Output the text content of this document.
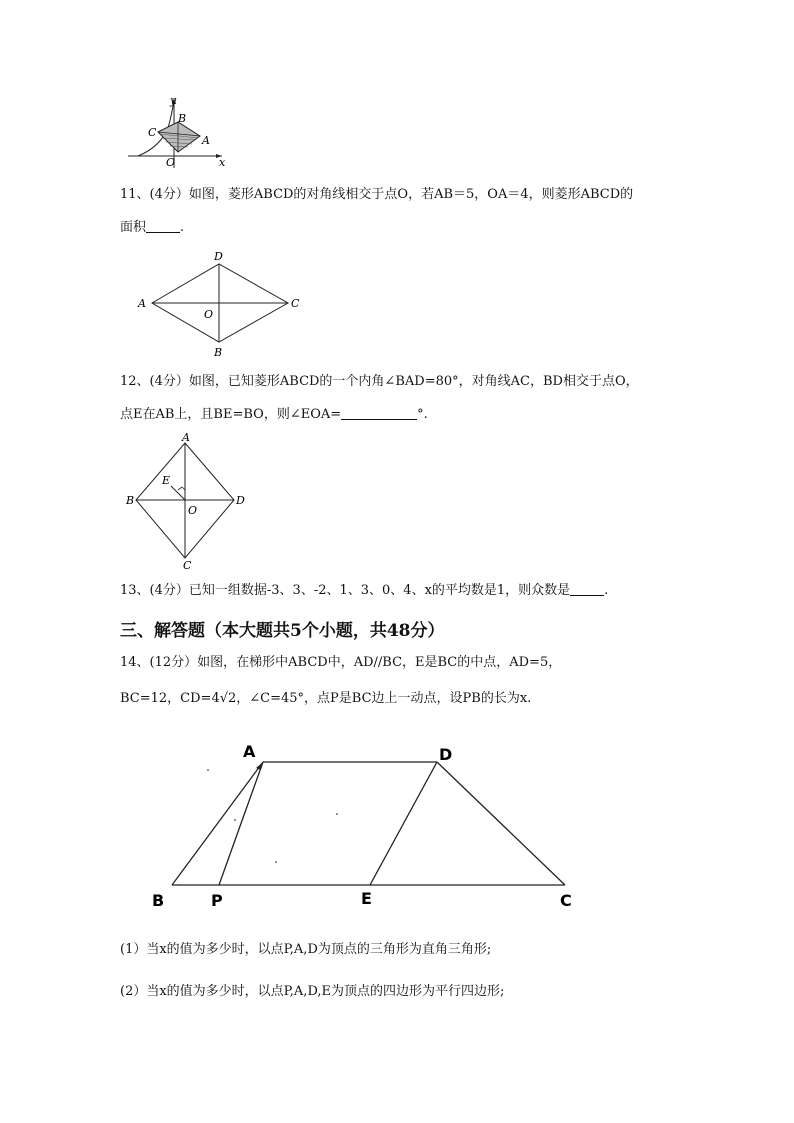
y
x
O
A
B
C
11、(4分）如图，菱形ABCD的对角线相交于点O，若AB＝5，OA＝4，则菱形ABCD的
面积	.
D
A	C
O
B
12、(4分）如图，已知菱形ABCD的一个内角∠BAD=80°，对角线AC，BD相交于点O，
点E在AB上，且BE=BO，则∠EOA=	°.
A
E
B	D
O
C
13、(4分）已知一组数据-3、3、-2、1、3、0、4、x的平均数是1，则众数是	.
三、解答题（本大题共5个小题，共48分）
14、(12分）如图，在梯形中ABCD中，AD//BC，E是BC的中点，AD=5，
BC=12，CD=4√2，∠C=45°，点P是BC边上一动点，设PB的长为x.
A	D
B	P	E	C
(1）当x的值为多少时，以点P,A,D为顶点的三角形为直角三角形;
(2）当x的值为多少时，以点P,A,D,E为顶点的四边形为平行四边形;
